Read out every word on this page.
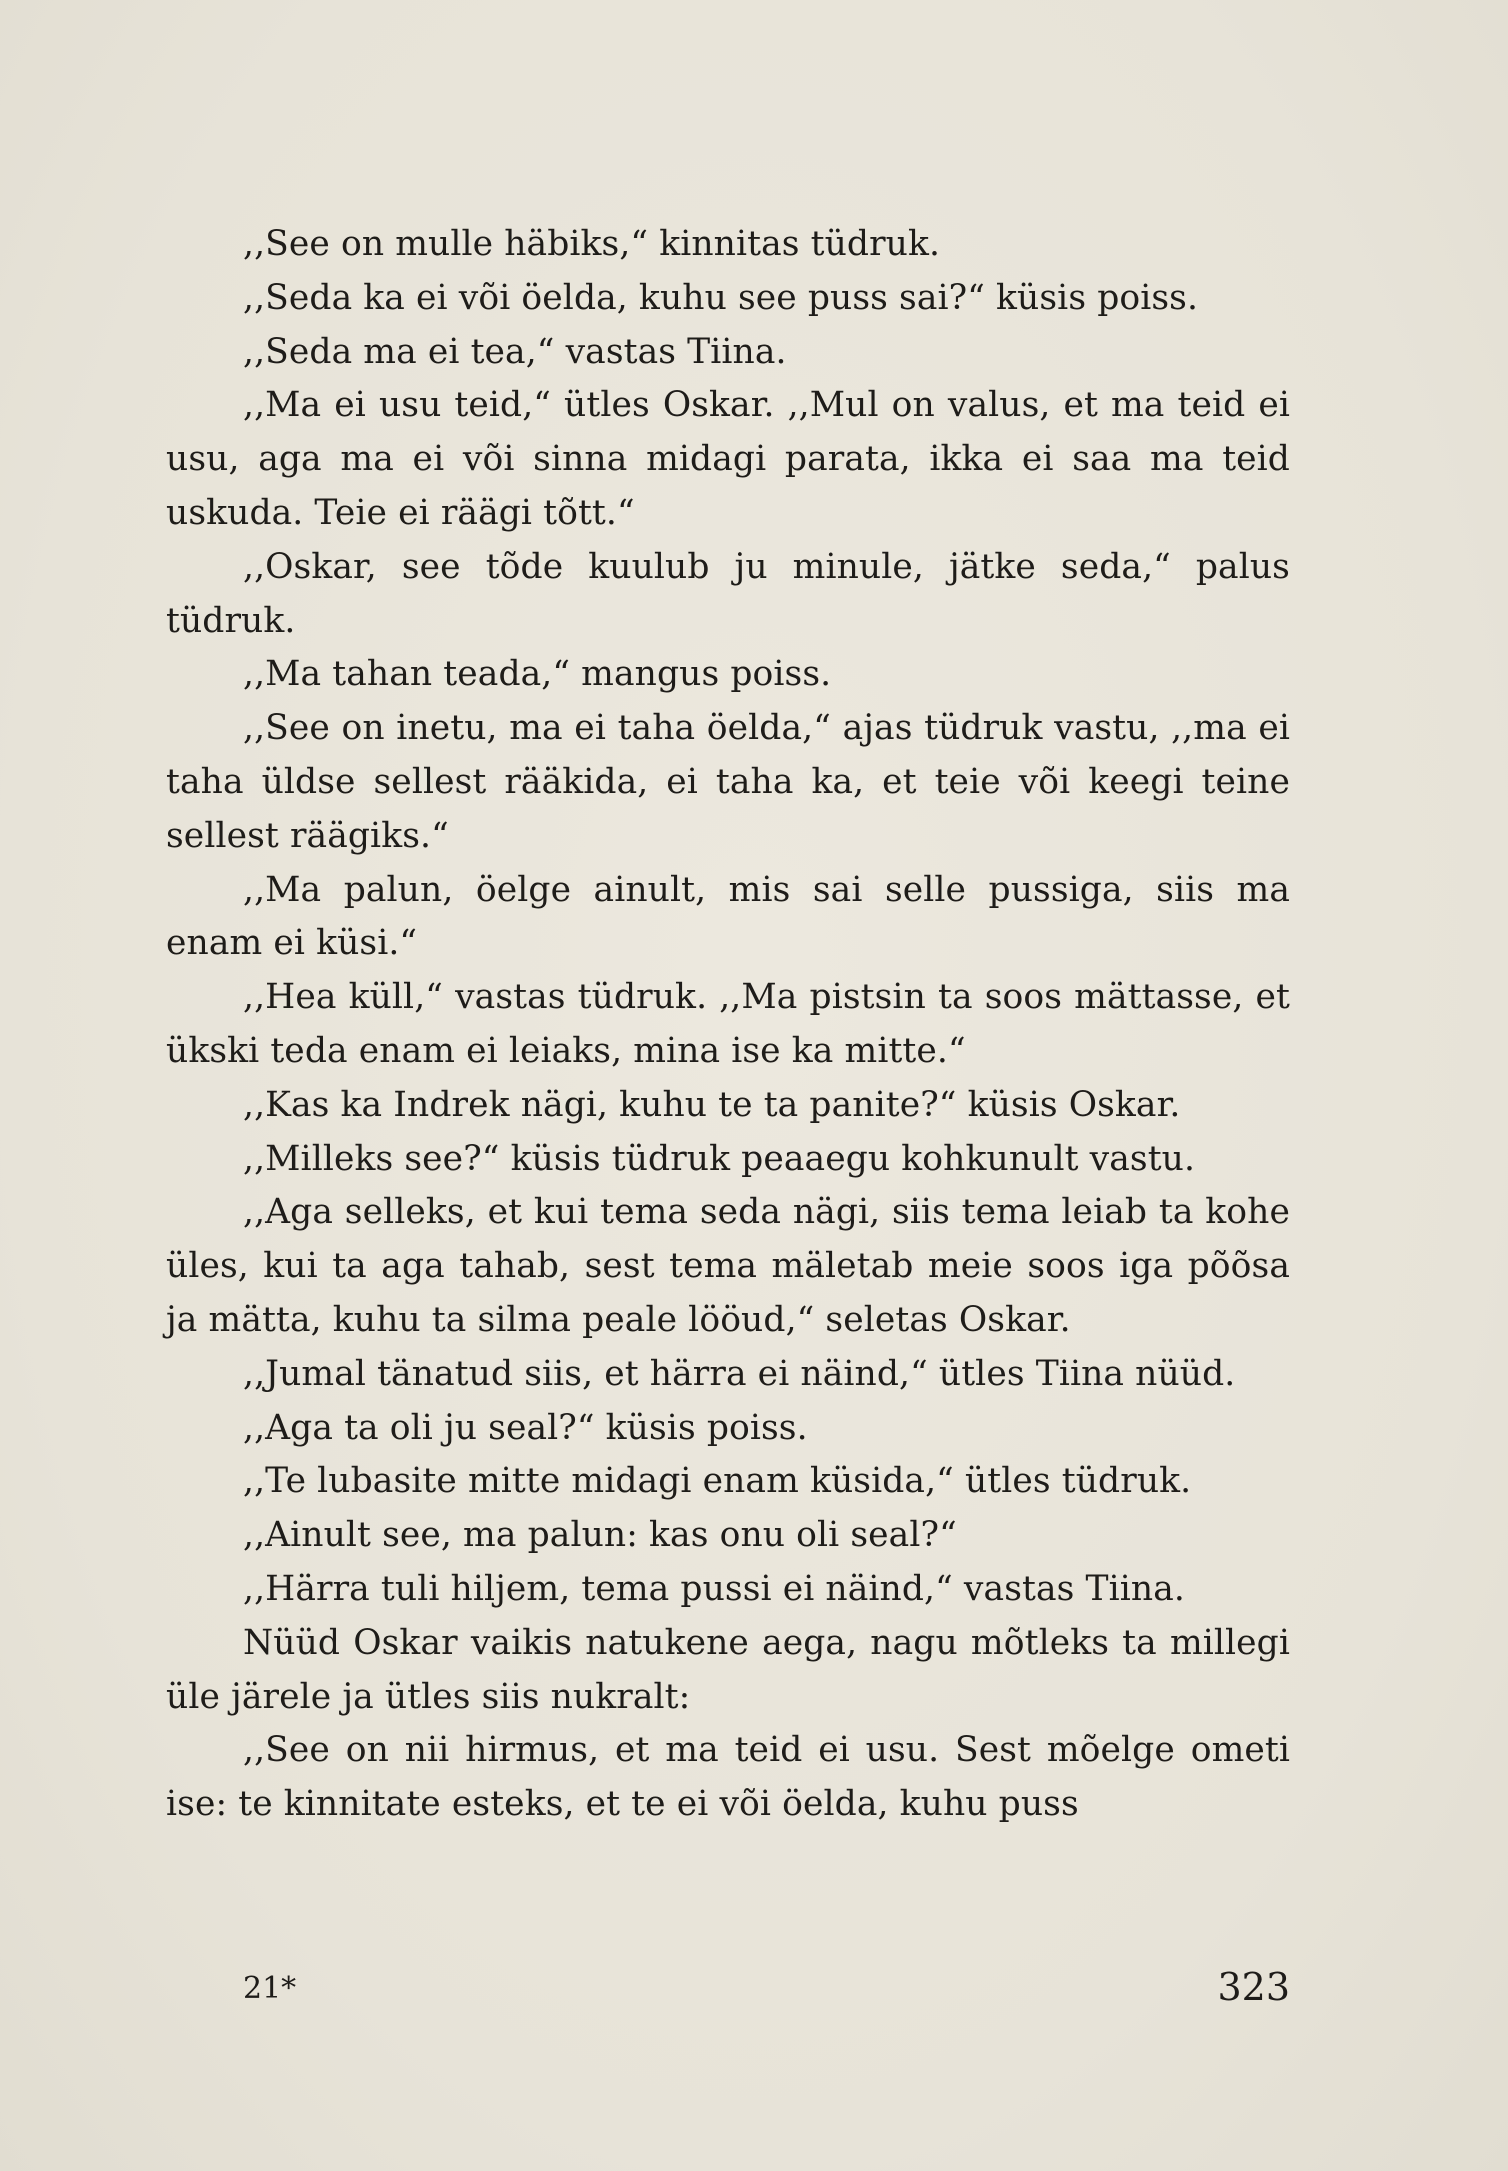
,,See on mulle häbiks,“ kinnitas tüdruk.

,,Seda ka ei või öelda, kuhu see puss sai?“ küsis poiss.

,,Seda ma ei tea,“ vastas Tiina.

,,Ma ei usu teid,“ ütles Oskar. ,,Mul on valus, et ma teid ei usu, aga ma ei või sinna midagi parata, ikka ei saa ma teid uskuda. Teie ei räägi tõtt.“

,,Oskar, see tõde kuulub ju minule, jätke seda,“ palus tüdruk.

,,Ma tahan teada,“ mangus poiss.

,,See on inetu, ma ei taha öelda,“ ajas tüdruk vastu, ,,ma ei taha üldse sellest rääkida, ei taha ka, et teie või keegi teine sellest räägiks.“

,,Ma palun, öelge ainult, mis sai selle pussiga, siis ma enam ei küsi.“

,,Hea küll,“ vastas tüdruk. ,,Ma pistsin ta soos mättasse, et ükski teda enam ei leiaks, mina ise ka mitte.“

,,Kas ka Indrek nägi, kuhu te ta panite?“ küsis Oskar.

,,Milleks see?“ küsis tüdruk peaaegu kohkunult vastu.

,,Aga selleks, et kui tema seda nägi, siis tema leiab ta kohe üles, kui ta aga tahab, sest tema mäletab meie soos iga põõsa ja mätta, kuhu ta silma peale lööud,“ seletas Oskar.

,,Jumal tänatud siis, et härra ei näind,“ ütles Tiina nüüd.

,,Aga ta oli ju seal?“ küsis poiss.

,,Te lubasite mitte midagi enam küsida,“ ütles tüdruk.

,,Ainult see, ma palun: kas onu oli seal?“

,,Härra tuli hiljem, tema pussi ei näind,“ vastas Tiina.

Nüüd Oskar vaikis natukene aega, nagu mõtleks ta millegi üle järele ja ütles siis nukralt:

,,See on nii hirmus, et ma teid ei usu. Sest mõelge ometi ise: te kinnitate esteks, et te ei või öelda, kuhu puss

21*	323
